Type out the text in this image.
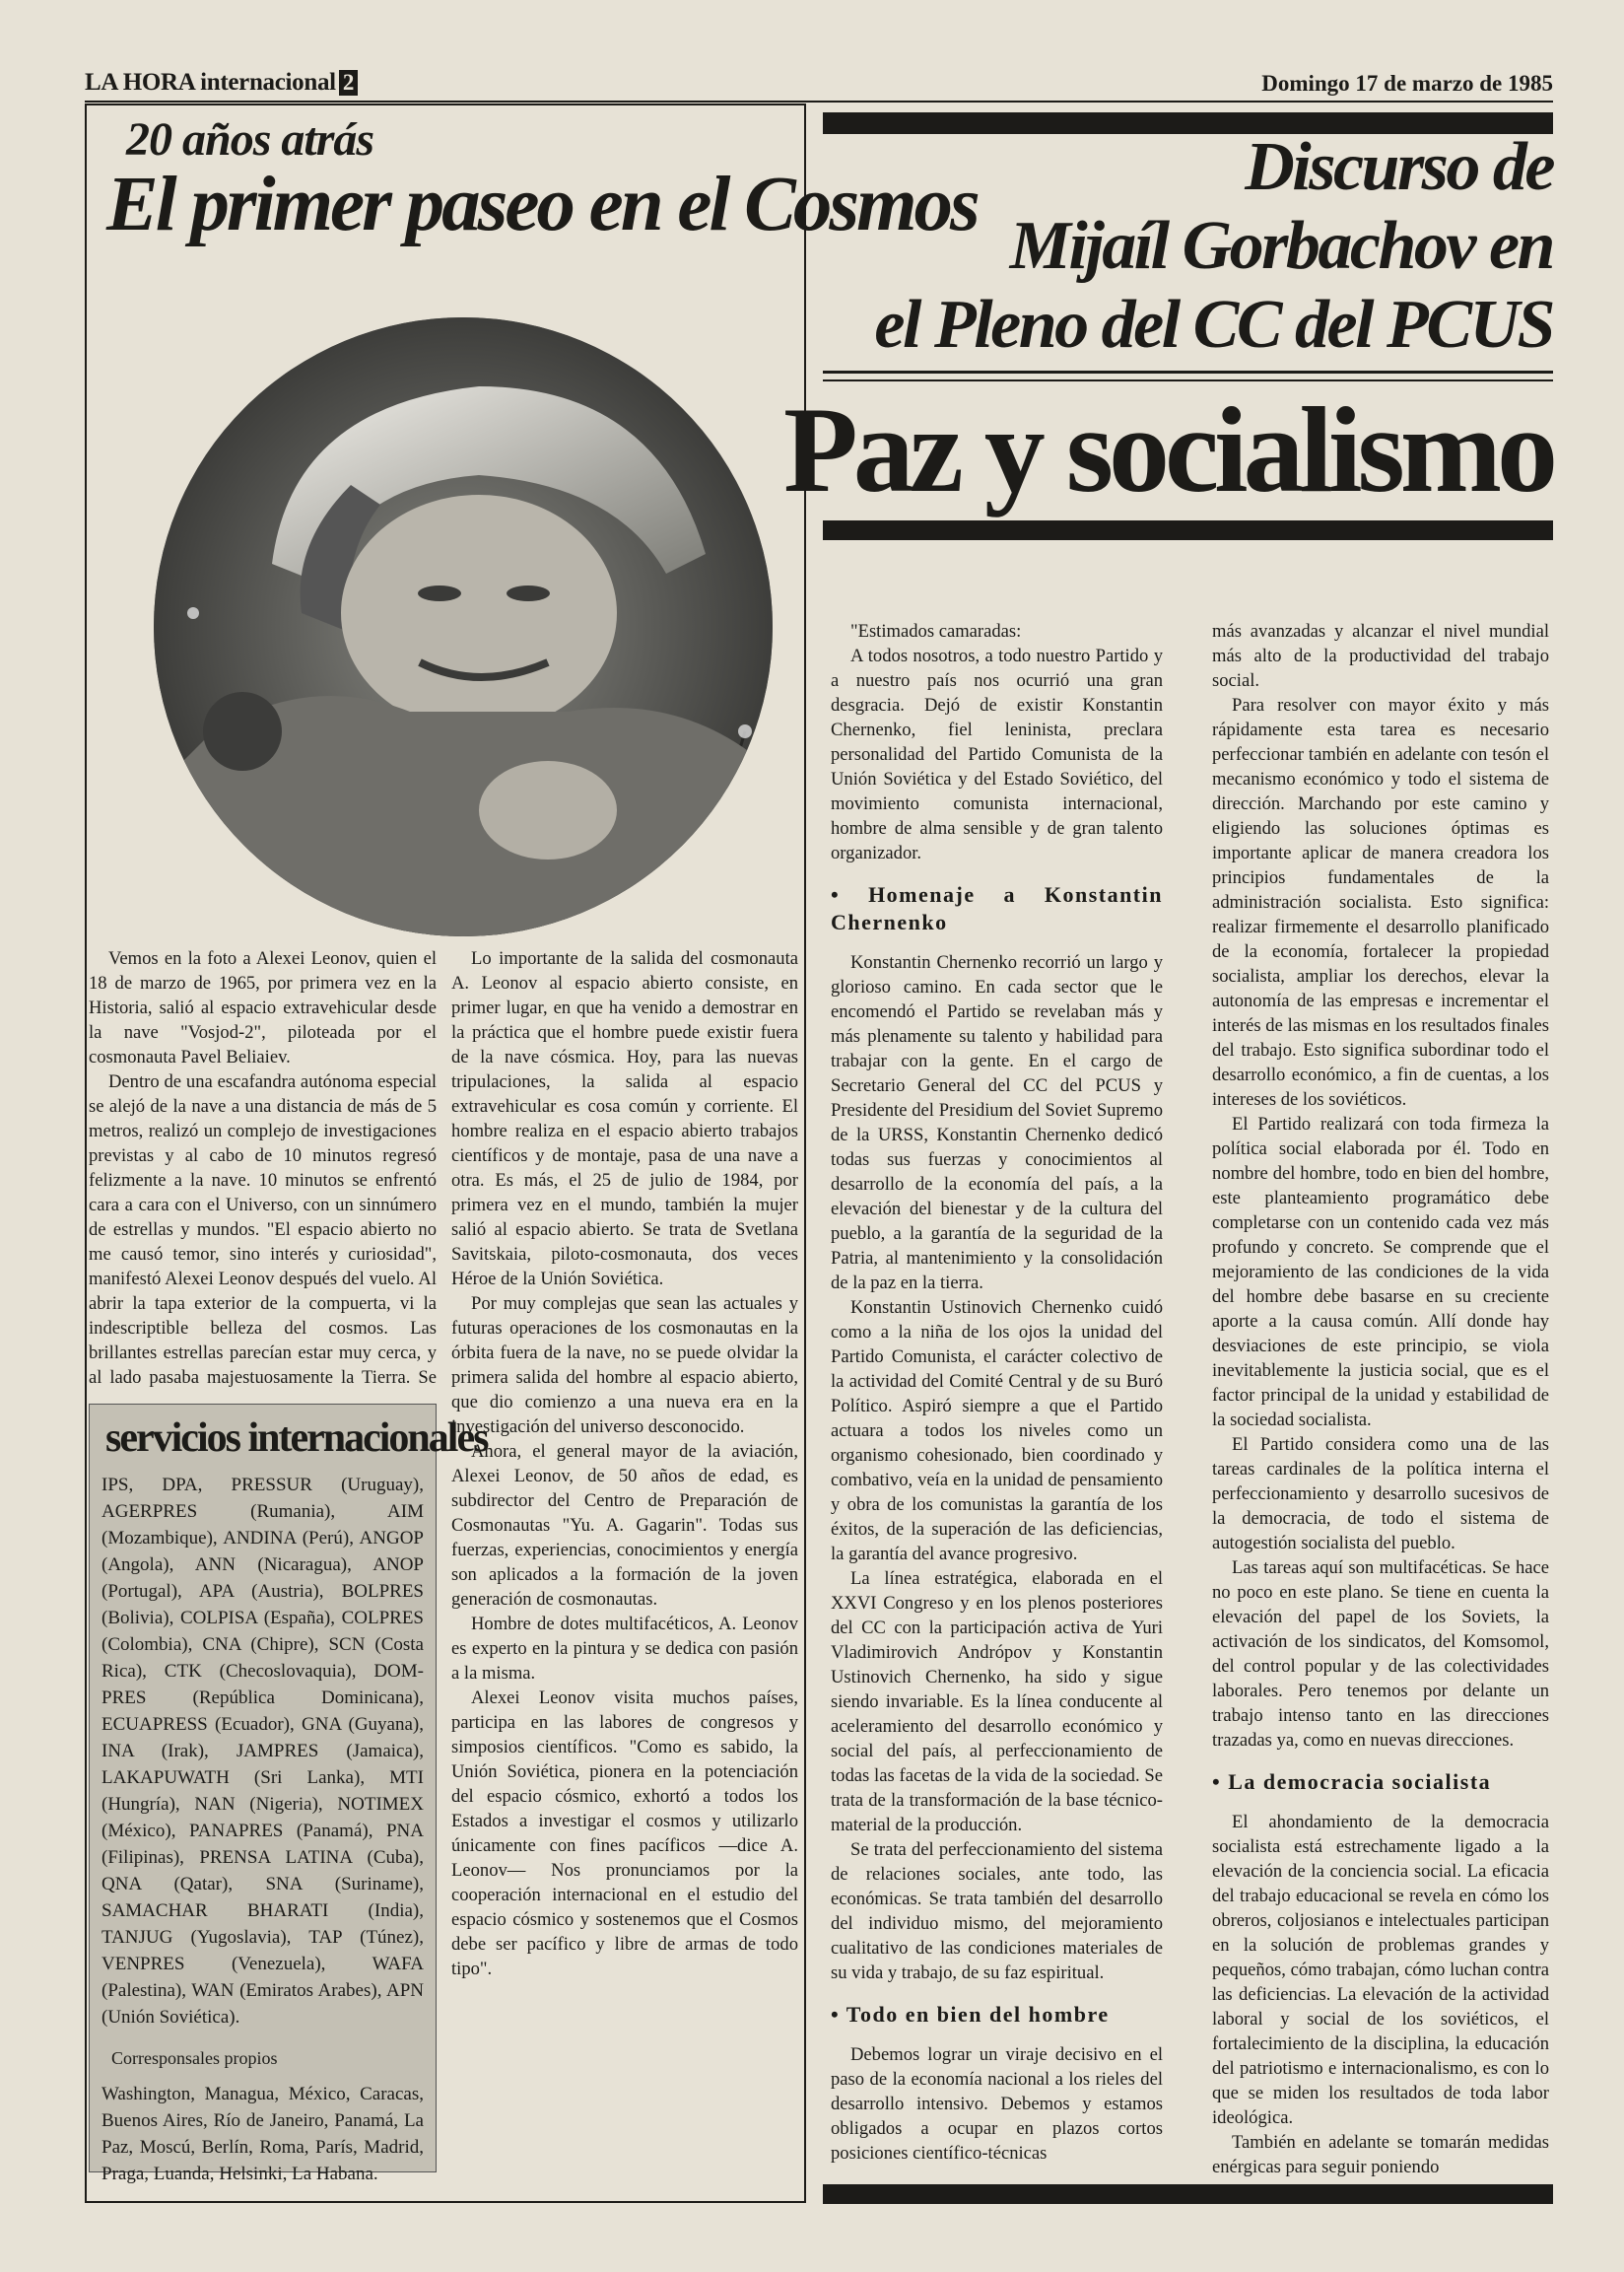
LA HORA internacional 2	Domingo 17 de marzo de 1985
20 años atrás
El primer paseo en el Cosmos

Vemos en la foto a Alexei Leonov, quien el 18 de marzo de 1965, por primera vez en la Historia, salió al espacio extravehicular desde la nave "Vosjod-2", piloteada por el cosmonauta Pavel Beliaiev.

Dentro de una escafandra autónoma especial se alejó de la nave a una distancia de más de 5 metros, realizó un complejo de investigaciones previstas y al cabo de 10 minutos regresó felizmente a la nave. 10 minutos se enfrentó cara a cara con el Universo, con un sinnúmero de estrellas y mundos. "El espacio abierto no me causó temor, sino interés y curiosidad", manifestó Alexei Leonov después del vuelo. Al abrir la tapa exterior de la compuerta, vi la indescriptible belleza del cosmos. Las brillantes estrellas parecían estar muy cerca, y al lado pasaba majestuosamente la Tierra. Se

Lo importante de la salida del cosmonauta A. Leonov al espacio abierto consiste, en primer lugar, en que ha venido a demostrar en la práctica que el hombre puede existir fuera de la nave cósmica. Hoy, para las nuevas tripulaciones, la salida al espacio extravehicular es cosa común y corriente. El hombre realiza en el espacio abierto trabajos científicos y de montaje, pasa de una nave a otra. Es más, el 25 de julio de 1984, por primera vez en el mundo, también la mujer salió al espacio abierto. Se trata de Svetlana Savitskaia, piloto-cosmonauta, dos veces Héroe de la Unión Soviética.

Por muy complejas que sean las actuales y futuras operaciones de los cosmonautas en la órbita fuera de la nave, no se puede olvidar la primera salida del hombre al espacio abierto, que dio comienzo a una nueva era en la investigación del universo desconocido.

Ahora, el general mayor de la aviación, Alexei Leonov, de 50 años de edad, es subdirector del Centro de Preparación de Cosmonautas "Yu. A. Gagarin". Todas sus fuerzas, experiencias, conocimientos y energía son aplicados a la formación de la joven generación de cosmonautas.

Hombre de dotes multifacéticos, A. Leonov es experto en la pintura y se dedica con pasión a la misma.

Alexei Leonov visita muchos países, participa en las labores de congresos y simposios científicos. "Como es sabido, la Unión Soviética, pionera en la potenciación del espacio cósmico, exhortó a todos los Estados a investigar el cosmos y utilizarlo únicamente con fines pacíficos —dice A. Leonov— Nos pronunciamos por la cooperación internacional en el estudio del espacio cósmico y sostenemos que el Cosmos debe ser pacífico y libre de armas de todo tipo".

servicios internacionales
IPS, DPA, PRESSUR (Uruguay), AGERPRES (Rumania), AIM (Mozambique), ANDINA (Perú), ANGOP (Angola), ANN (Nicaragua), ANOP (Portugal), APA (Austria), BOLPRES (Bolivia), COLPISA (España), COLPRES (Colombia), CNA (Chipre), SCN (Costa Rica), CTK (Checoslovaquia), DOM-PRES (República Dominicana), ECUAPRESS (Ecuador), GNA (Guyana), INA (Irak), JAMPRES (Jamaica), LAKAPUWATH (Sri Lanka), MTI (Hungría), NAN (Nigeria), NOTIMEX (México), PANAPRES (Panamá), PNA (Filipinas), PRENSA LATINA (Cuba), QNA (Qatar), SNA (Suriname), SAMACHAR BHARATI (India), TANJUG (Yugoslavia), TAP (Túnez), VENPRES (Venezuela), WAFA (Palestina), WAN (Emiratos Arabes), APN (Unión Soviética).
Corresponsales propios
Washington, Managua, México, Caracas, Buenos Aires, Río de Janeiro, Panamá, La Paz, Moscú, Berlín, Roma, París, Madrid, Praga, Luanda, Helsinki, La Habana.
Discurso de
Mijaíl Gorbachov en
el Pleno del CC del PCUS
Paz y socialismo

"Estimados camaradas:

A todos nosotros, a todo nuestro Partido y a nuestro país nos ocurrió una gran desgracia. Dejó de existir Konstantin Chernenko, fiel leninista, preclara personalidad del Partido Comunista de la Unión Soviética y del Estado Soviético, del movimiento comunista internacional, hombre de alma sensible y de gran talento organizador.

• Homenaje a Konstantin Chernenko

Konstantin Chernenko recorrió un largo y glorioso camino. En cada sector que le encomendó el Partido se revelaban más y más plenamente su talento y habilidad para trabajar con la gente. En el cargo de Secretario General del CC del PCUS y Presidente del Presidium del Soviet Supremo de la URSS, Konstantin Chernenko dedicó todas sus fuerzas y conocimientos al desarrollo de la economía del país, a la elevación del bienestar y de la cultura del pueblo, a la garantía de la seguridad de la Patria, al mantenimiento y la consolidación de la paz en la tierra.

Konstantin Ustinovich Chernenko cuidó como a la niña de los ojos la unidad del Partido Comunista, el carácter colectivo de la actividad del Comité Central y de su Buró Político. Aspiró siempre a que el Partido actuara a todos los niveles como un organismo cohesionado, bien coordinado y combativo, veía en la unidad de pensamiento y obra de los comunistas la garantía de los éxitos, de la superación de las deficiencias, la garantía del avance progresivo.

La línea estratégica, elaborada en el XXVI Congreso y en los plenos posteriores del CC con la participación activa de Yuri Vladimirovich Andrópov y Konstantin Ustinovich Chernenko, ha sido y sigue siendo invariable. Es la línea conducente al aceleramiento del desarrollo económico y social del país, al perfeccionamiento de todas las facetas de la vida de la sociedad. Se trata de la transformación de la base técnico-material de la producción.

Se trata del perfeccionamiento del sistema de relaciones sociales, ante todo, las económicas. Se trata también del desarrollo del individuo mismo, del mejoramiento cualitativo de las condiciones materiales de su vida y trabajo, de su faz espiritual.

• Todo en bien del hombre

Debemos lograr un viraje decisivo en el paso de la economía nacional a los rieles del desarrollo intensivo. Debemos y estamos obligados a ocupar en plazos cortos posiciones científico-técnicas

más avanzadas y alcanzar el nivel mundial más alto de la productividad del trabajo social.

Para resolver con mayor éxito y más rápidamente esta tarea es necesario perfeccionar también en adelante con tesón el mecanismo económico y todo el sistema de dirección. Marchando por este camino y eligiendo las soluciones óptimas es importante aplicar de manera creadora los principios fundamentales de la administración socialista. Esto significa: realizar firmemente el desarrollo planificado de la economía, fortalecer la propiedad socialista, ampliar los derechos, elevar la autonomía de las empresas e incrementar el interés de las mismas en los resultados finales del trabajo. Esto significa subordinar todo el desarrollo económico, a fin de cuentas, a los intereses de los soviéticos.

El Partido realizará con toda firmeza la política social elaborada por él. Todo en nombre del hombre, todo en bien del hombre, este planteamiento programático debe completarse con un contenido cada vez más profundo y concreto. Se comprende que el mejoramiento de las condiciones de la vida del hombre debe basarse en su creciente aporte a la causa común. Allí donde hay desviaciones de este principio, se viola inevitablemente la justicia social, que es el factor principal de la unidad y estabilidad de la sociedad socialista.

El Partido considera como una de las tareas cardinales de la política interna el perfeccionamiento y desarrollo sucesivos de la democracia, de todo el sistema de autogestión socialista del pueblo.

Las tareas aquí son multifacéticas. Se hace no poco en este plano. Se tiene en cuenta la elevación del papel de los Soviets, la activación de los sindicatos, del Komsomol, del control popular y de las colectividades laborales. Pero tenemos por delante un trabajo intenso tanto en las direcciones trazadas ya, como en nuevas direcciones.

• La democracia socialista

El ahondamiento de la democracia socialista está estrechamente ligado a la elevación de la conciencia social. La eficacia del trabajo educacional se revela en cómo los obreros, coljosianos e intelectuales participan en la solución de problemas grandes y pequeños, cómo trabajan, cómo luchan contra las deficiencias. La elevación de la actividad laboral y social de los soviéticos, el fortalecimiento de la disciplina, la educación del patriotismo e internacionalismo, es con lo que se miden los resultados de toda labor ideológica.

También en adelante se tomarán medidas enérgicas para seguir poniendo
